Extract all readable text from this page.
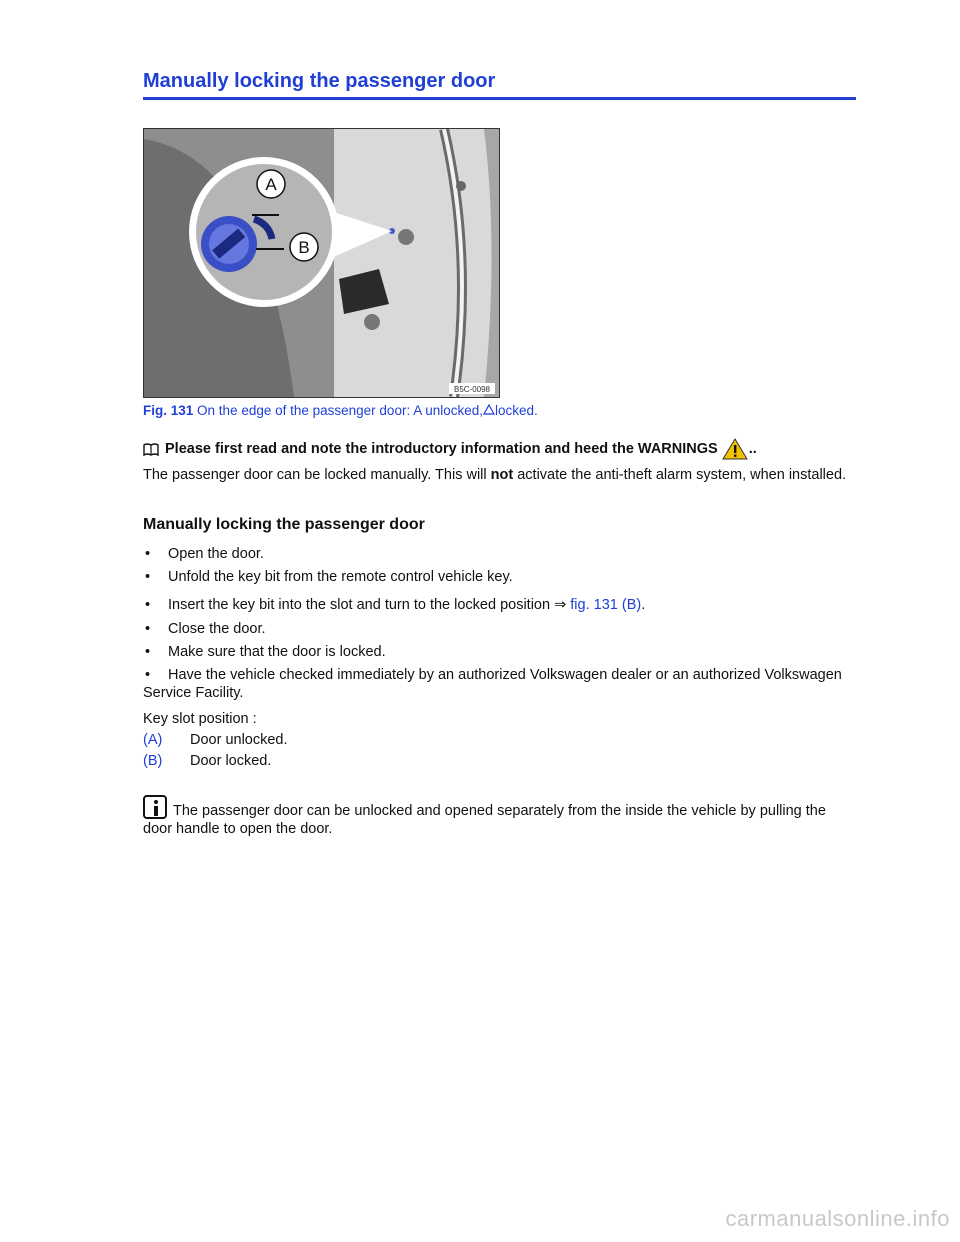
Manually locking the passenger door
A
B
B5C-0098
Fig. 131 On the edge of the passenger door: A unlocked, locked.
Please first read and note the introductory information and heed the WARNINGS ..
The passenger door can be locked manually. This will not activate the anti-theft alarm system, when installed.
Manually locking the passenger door
• Open the door.
• Unfold the key bit from the remote control vehicle key.
• Insert the key bit into the slot and turn to the locked position ⇒ fig. 131 (B).
• Close the door.
• Make sure that the door is locked.
• Have the vehicle checked immediately by an authorized Volkswagen dealer or an authorized Volkswagen Service Facility.
Key slot position :
(A) Door unlocked.
(B) Door locked.
The passenger door can be unlocked and opened separately from the inside the vehicle by pulling the door handle to open the door.
carmanualsonline.info
